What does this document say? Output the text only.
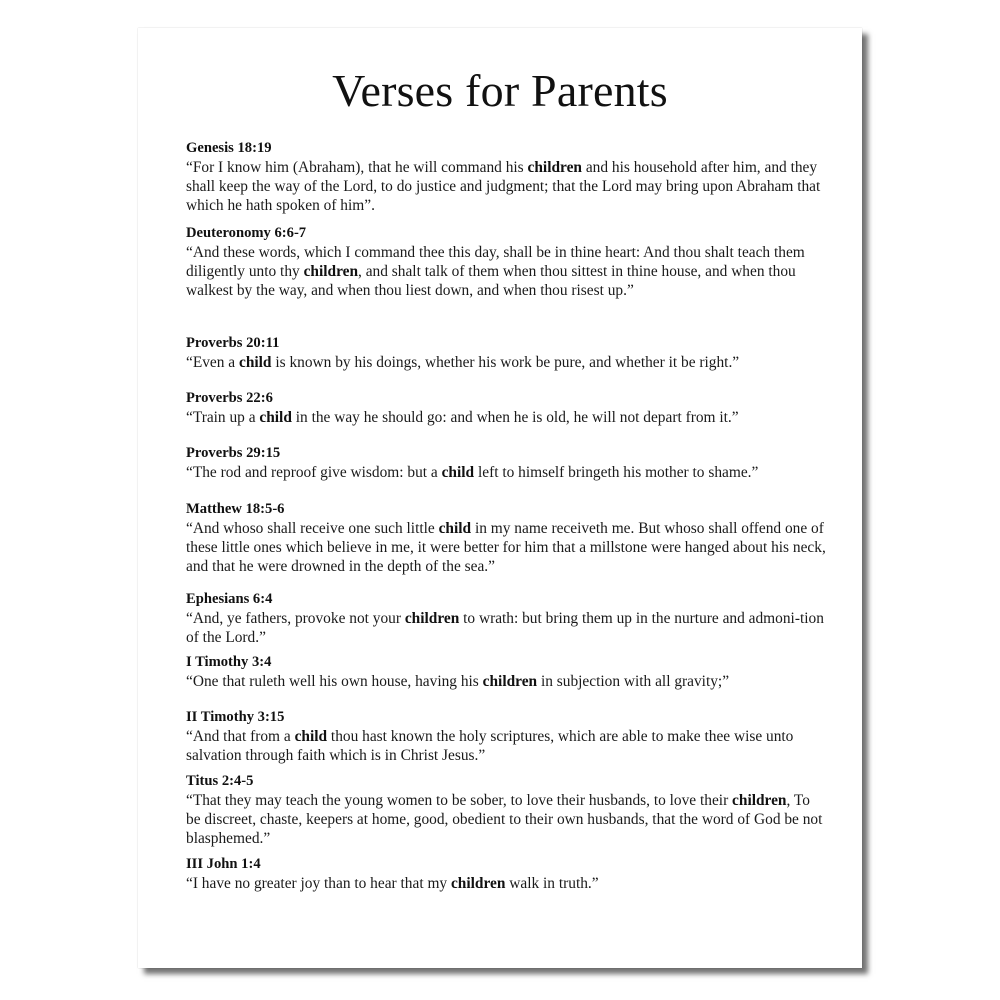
Verses for Parents
Genesis 18:19
“For I know him (Abraham), that he will command his children and his household after him, and they shall keep the way of the Lord, to do justice and judgment; that the Lord may bring upon Abraham that which he hath spoken of him”.
Deuteronomy 6:6-7
“And these words, which I command thee this day, shall be in thine heart: And thou shalt teach them diligently unto thy children, and shalt talk of them when thou sittest in thine house, and when thou walkest by the way, and when thou liest down, and when thou risest up.”
Proverbs 20:11
“Even a child is known by his doings, whether his work be pure, and whether it be right.”
Proverbs 22:6
“Train up a child in the way he should go: and when he is old, he will not depart from it.”
Proverbs 29:15
“The rod and reproof give wisdom: but a child left to himself bringeth his mother to shame.”
Matthew 18:5-6
“And whoso shall receive one such little child in my name receiveth me. But whoso shall offend one of these little ones which believe in me, it were better for him that a millstone were hanged about his neck, and that he were drowned in the depth of the sea.”
Ephesians 6:4
“And, ye fathers, provoke not your children to wrath: but bring them up in the nurture and admoni-tion of the Lord.”
I Timothy 3:4
“One that ruleth well his own house, having his children in subjection with all gravity;”
II Timothy 3:15
“And that from a child thou hast known the holy scriptures, which are able to make thee wise unto salvation through faith which is in Christ Jesus.”
Titus 2:4-5
“That they may teach the young women to be sober, to love their husbands, to love their children, To be discreet, chaste, keepers at home, good, obedient to their own husbands, that the word of God be not blasphemed.”
III John 1:4
“I have no greater joy than to hear that my children walk in truth.”
